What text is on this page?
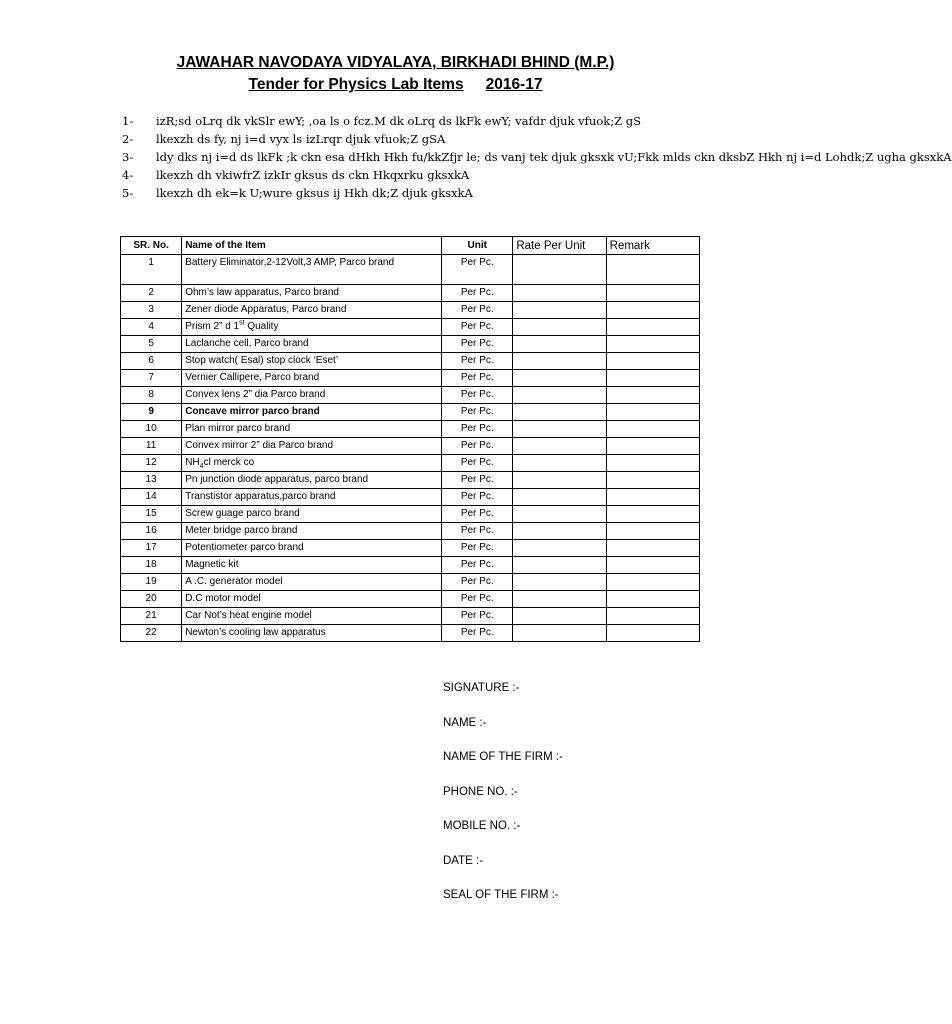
JAWAHAR NAVODAYA VIDYALAYA, BIRKHADI BHIND (M.P.)
Tender for Physics Lab Items 2016-17
1-	izR;sd oLrq dk vkSlr ewY; ,oa ls o fcz.M dk oLrq ds lkFk ewY; vafdr djuk vfuok;Z gS
2-	lkexzh ds fy, nj i=d vyx ls izLrqr djuk vfuok;Z gSA
3-	ldy dks nj i=d ds lkFk ;k ckn esa dHkh Hkh fu/kkZfjr le; ds vanj tek djuk gksxk vU;Fkk mlds ckn dksbZ Hkh nj i=d Lohdk;Z ugha gksxkA
4-	lkexzh dh vkiwfrZ izkIr gksus ds ckn Hkqxrku gksxkA
5-	lkexzh dh ek=k U;wure gksus ij Hkh dk;Z djuk gksxkA
SR. No.	Name of the Item	Unit	Rate Per Unit	Remark
1	Battery Eliminator,2-12Volt,3 AMP, Parco brand	Per Pc.		
2	Ohm’s law apparatus, Parco brand	Per Pc.		
3	Zener diode Apparatus, Parco brand	Per Pc.		
4	Prism 2” d 1st Quality	Per Pc.		
5	Laclanche cell, Parco brand	Per Pc.		
6	Stop watch( Esal) stop clock ‘Eset’	Per Pc.		
7	Vernier Callipere, Parco brand	Per Pc.		
8	Convex lens 2” dia Parco brand	Per Pc.		
9	Concave mirror parco brand	Per Pc.		
10	Plan mirror parco brand	Per Pc.		
11	Convex mirror 2” dia Parco brand	Per Pc.		
12	$NH_4cl$ merck co	Per Pc.		
13	Pn junction diode apparatus, parco brand	Per Pc.		
14	Transtistor apparatus,parco brand	Per Pc.		
15	Screw guage parco brand	Per Pc.		
16	Meter bridge parco brand	Per Pc.		
17	Potentiometer parco brand	Per Pc.		
18	Magnetic kit	Per Pc.		
19	A .C. generator model	Per Pc.		
20	D.C motor model	Per Pc.		
21	Car Not’s heat engine model	Per Pc.		
22	Newton’s cooling law apparatus	Per Pc.		
SIGNATURE :-
NAME :-
NAME OF THE FIRM :-
PHONE NO. :-
MOBILE NO. :-
DATE :-
SEAL OF THE FIRM :-
